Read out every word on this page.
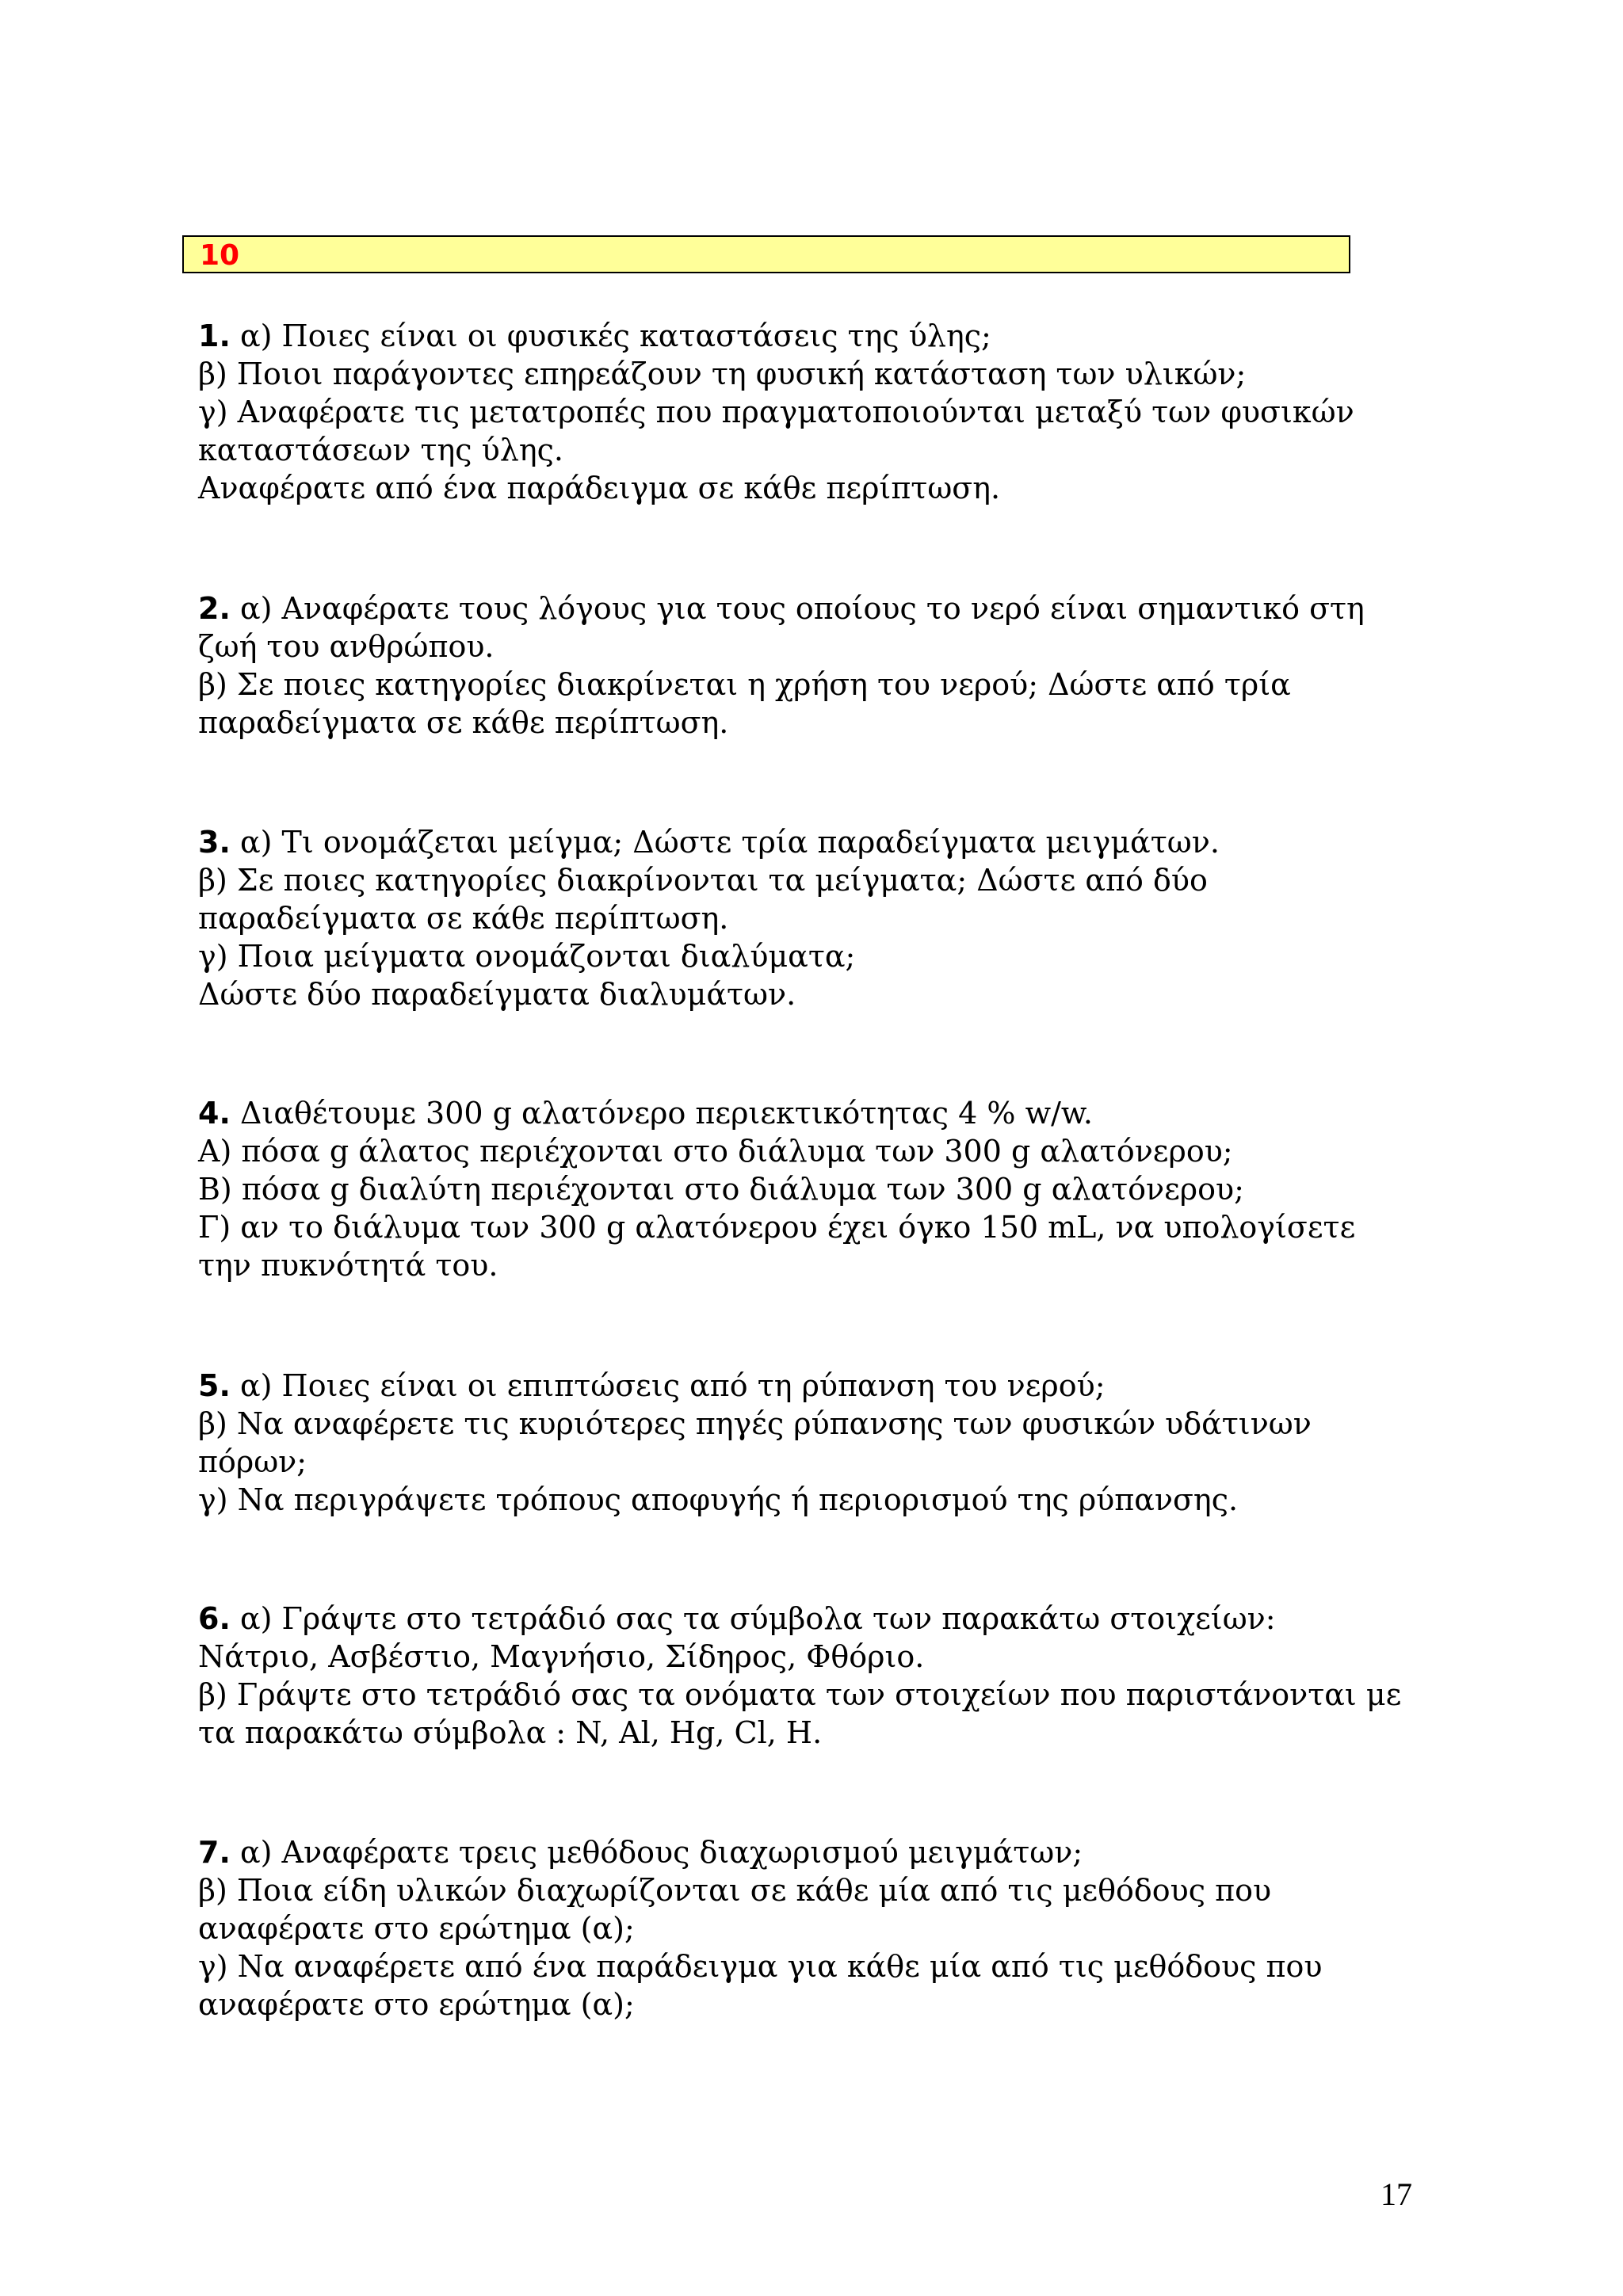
10
1. α) Ποιες είναι οι φυσικές καταστάσεις της ύλης;
β) Ποιοι παράγοντες επηρεάζουν τη φυσική κατάσταση των υλικών;
γ) Αναφέρατε τις μετατροπές που πραγματοποιούνται μεταξύ των φυσικών
καταστάσεων της ύλης.
Αναφέρατε από ένα παράδειγμα σε κάθε περίπτωση.
2. α) Αναφέρατε τους λόγους για τους οποίους το νερό είναι σημαντικό στη
ζωή του ανθρώπου.
β) Σε ποιες κατηγορίες διακρίνεται η χρήση του νερού; Δώστε από τρία
παραδείγματα σε κάθε περίπτωση.
3. α) Τι ονομάζεται μείγμα; Δώστε τρία παραδείγματα μειγμάτων.
β) Σε ποιες κατηγορίες διακρίνονται τα μείγματα; Δώστε από δύο
παραδείγματα σε κάθε περίπτωση.
γ) Ποια μείγματα ονομάζονται διαλύματα;
Δώστε δύο παραδείγματα διαλυμάτων.
4. Διαθέτουμε 300 g αλατόνερο περιεκτικότητας 4 % w/w.
Α) πόσα g άλατος περιέχονται στο διάλυμα των 300 g αλατόνερου;
Β) πόσα g διαλύτη περιέχονται στο διάλυμα των 300 g αλατόνερου;
Γ) αν το διάλυμα των 300 g αλατόνερου έχει όγκο 150 mL, να υπολογίσετε
την πυκνότητά του.
5. α) Ποιες είναι οι επιπτώσεις από τη ρύπανση του νερού;
β) Να αναφέρετε τις κυριότερες πηγές ρύπανσης των φυσικών υδάτινων
πόρων;
γ) Να περιγράψετε τρόπους αποφυγής ή περιορισμού της ρύπανσης.
6. α) Γράψτε στο τετράδιό σας τα σύμβολα των παρακάτω στοιχείων:
Νάτριο, Ασβέστιο, Μαγνήσιο, Σίδηρος, Φθόριο.
β) Γράψτε στο τετράδιό σας τα ονόματα των στοιχείων που παριστάνονται με
τα παρακάτω σύμβολα : N, Al, Hg, Cl, H.
7. α) Αναφέρατε τρεις μεθόδους διαχωρισμού μειγμάτων;
β) Ποια είδη υλικών διαχωρίζονται σε κάθε μία από τις μεθόδους που
αναφέρατε στο ερώτημα (α);
γ) Να αναφέρετε από ένα παράδειγμα για κάθε μία από τις μεθόδους που
αναφέρατε στο ερώτημα (α);
17
